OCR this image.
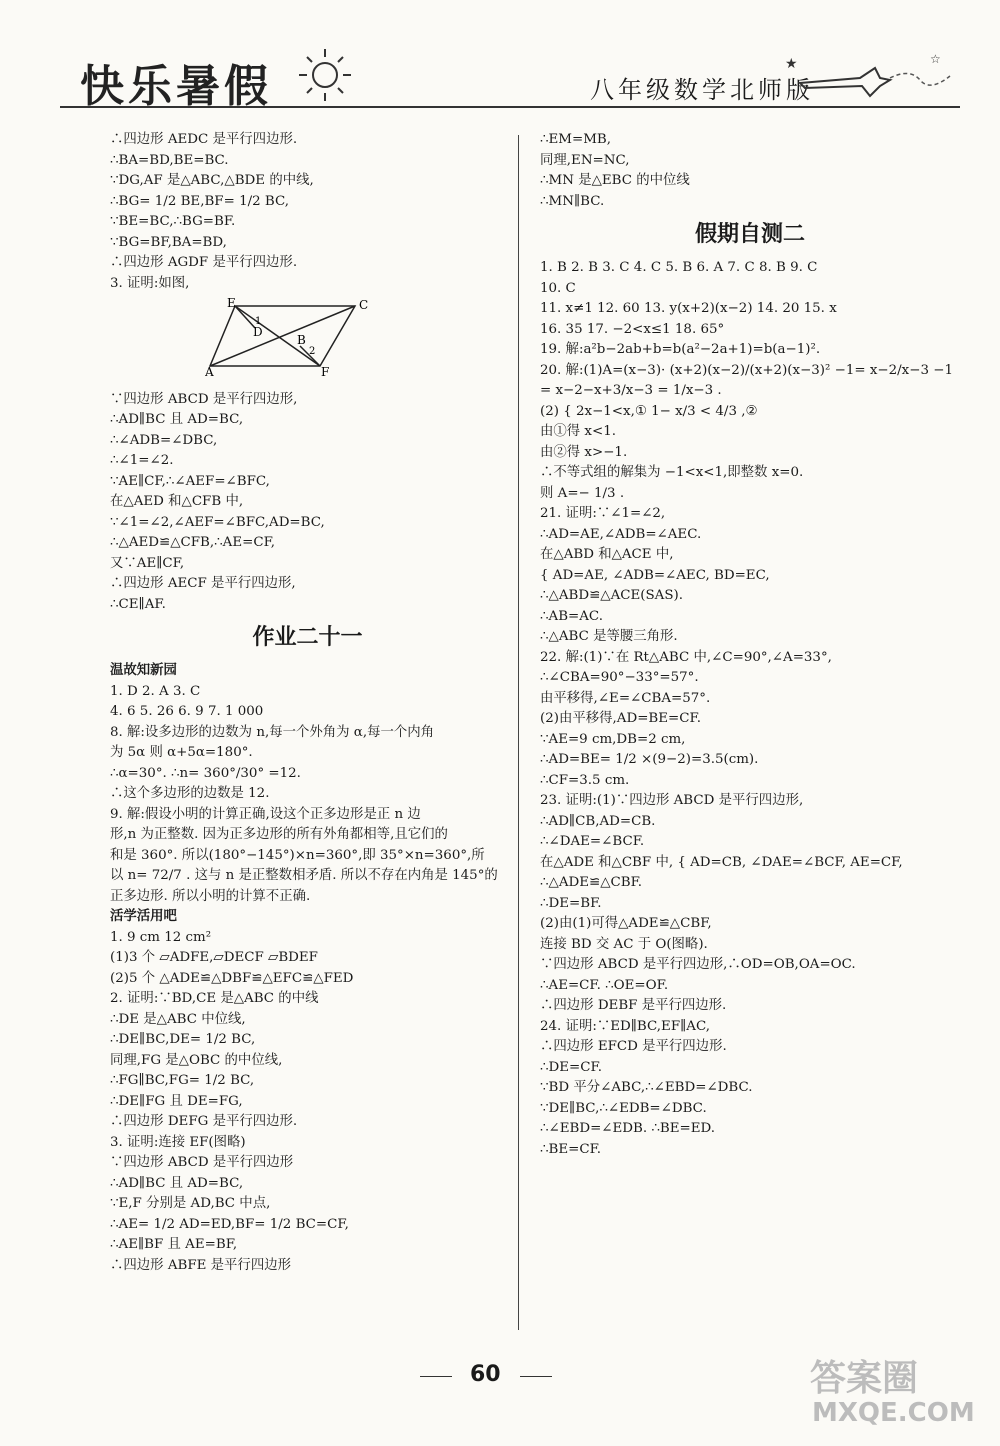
快乐暑假	八年级数学北师版
★	☆
∴四边形 AEDC 是平行四边形.
∴BA=BD,BE=BC.
∵DG,AF 是△ABC,△BDE 的中线,
∴BG= 1/2 BE,BF= 1/2 BC,
∵BE=BC,∴BG=BF.
∵BG=BF,BA=BD,
∴四边形 AGDF 是平行四边形.
3. 证明:如图,
E	C
D
1
B
2
A	F
∵四边形 ABCD 是平行四边形,
∴AD∥BC 且 AD=BC,
∴∠ADB=∠DBC,
∴∠1=∠2.
∵AE∥CF,∴∠AEF=∠BFC,
在△AED 和△CFB 中,
∵∠1=∠2,∠AEF=∠BFC,AD=BC,
∴△AED≌△CFB,∴AE=CF,
又∵AE∥CF,
∴四边形 AECF 是平行四边形,
∴CE∥AF.
作业二十一
温故知新园
1. D 2. A 3. C
4. 6 5. 26 6. 9 7. 1 000
8. 解:设多边形的边数为 n,每一个外角为 α,每一个内角
为 5α 则 α+5α=180°.
∴α=30°. ∴n= 360°/30° =12.
∴这个多边形的边数是 12.
9. 解:假设小明的计算正确,设这个正多边形是正 n 边
形,n 为正整数. 因为正多边形的所有外角都相等,且它们的
和是 360°. 所以(180°−145°)×n=360°,即 35°×n=360°,所
以 n= 72/7 . 这与 n 是正整数相矛盾. 所以不存在内角是 145°的
正多边形. 所以小明的计算不正确.
活学活用吧
1. 9 cm 12 cm²
(1)3 个 ▱ADFE,▱DECF ▱BDEF
(2)5 个 △ADE≌△DBF≌△EFC≌△FED
2. 证明:∵BD,CE 是△ABC 的中线
∴DE 是△ABC 中位线,
∴DE∥BC,DE= 1/2 BC,
同理,FG 是△OBC 的中位线,
∴FG∥BC,FG= 1/2 BC,
∴DE∥FG 且 DE=FG,
∴四边形 DEFG 是平行四边形.
3. 证明:连接 EF(图略)
∵四边形 ABCD 是平行四边形
∴AD∥BC 且 AD=BC,
∵E,F 分别是 AD,BC 中点,
∴AE= 1/2 AD=ED,BF= 1/2 BC=CF,
∴AE∥BF 且 AE=BF,
∴四边形 ABFE 是平行四边形
∴EM=MB,
同理,EN=NC,
∴MN 是△EBC 的中位线
∴MN∥BC.
假期自测二
1. B 2. B 3. C 4. C 5. B 6. A 7. C 8. B 9. C
10. C
11. x≠1 12. 60 13. y(x+2)(x−2) 14. 20 15. x
16. 35 17. −2<x≤1 18. 65°
19. 解:a²b−2ab+b=b(a²−2a+1)=b(a−1)².
20. 解:(1)A=(x−3)· (x+2)(x−2)/(x+2)(x−3)² −1= x−2/x−3 −1
= x−2−x+3/x−3 = 1/x−3 .
(2) { 2x−1<x,① 1− x/3 < 4/3 ,②
由①得 x<1.
由②得 x>−1.
∴不等式组的解集为 −1<x<1,即整数 x=0.
则 A=− 1/3 .
21. 证明:∵∠1=∠2,
∴AD=AE,∠ADB=∠AEC.
在△ABD 和△ACE 中,
{ AD=AE, ∠ADB=∠AEC, BD=EC,
∴△ABD≌△ACE(SAS).
∴AB=AC.
∴△ABC 是等腰三角形.
22. 解:(1)∵在 Rt△ABC 中,∠C=90°,∠A=33°,
∴∠CBA=90°−33°=57°.
由平移得,∠E=∠CBA=57°.
(2)由平移得,AD=BE=CF.
∵AE=9 cm,DB=2 cm,
∴AD=BE= 1/2 ×(9−2)=3.5(cm).
∴CF=3.5 cm.
23. 证明:(1)∵四边形 ABCD 是平行四边形,
∴AD∥CB,AD=CB.
∴∠DAE=∠BCF.
在△ADE 和△CBF 中, { AD=CB, ∠DAE=∠BCF, AE=CF,
∴△ADE≌△CBF.
∴DE=BF.
(2)由(1)可得△ADE≌△CBF,
连接 BD 交 AC 于 O(图略).
∵四边形 ABCD 是平行四边形,∴OD=OB,OA=OC.
∴AE=CF. ∴OE=OF.
∴四边形 DEBF 是平行四边形.
24. 证明:∵ED∥BC,EF∥AC,
∴四边形 EFCD 是平行四边形.
∴DE=CF.
∵BD 平分∠ABC,∴∠EBD=∠DBC.
∵DE∥BC,∴∠EDB=∠DBC.
∴∠EBD=∠EDB. ∴BE=ED.
∴BE=CF.
60	答案圈
MXQE.COM
